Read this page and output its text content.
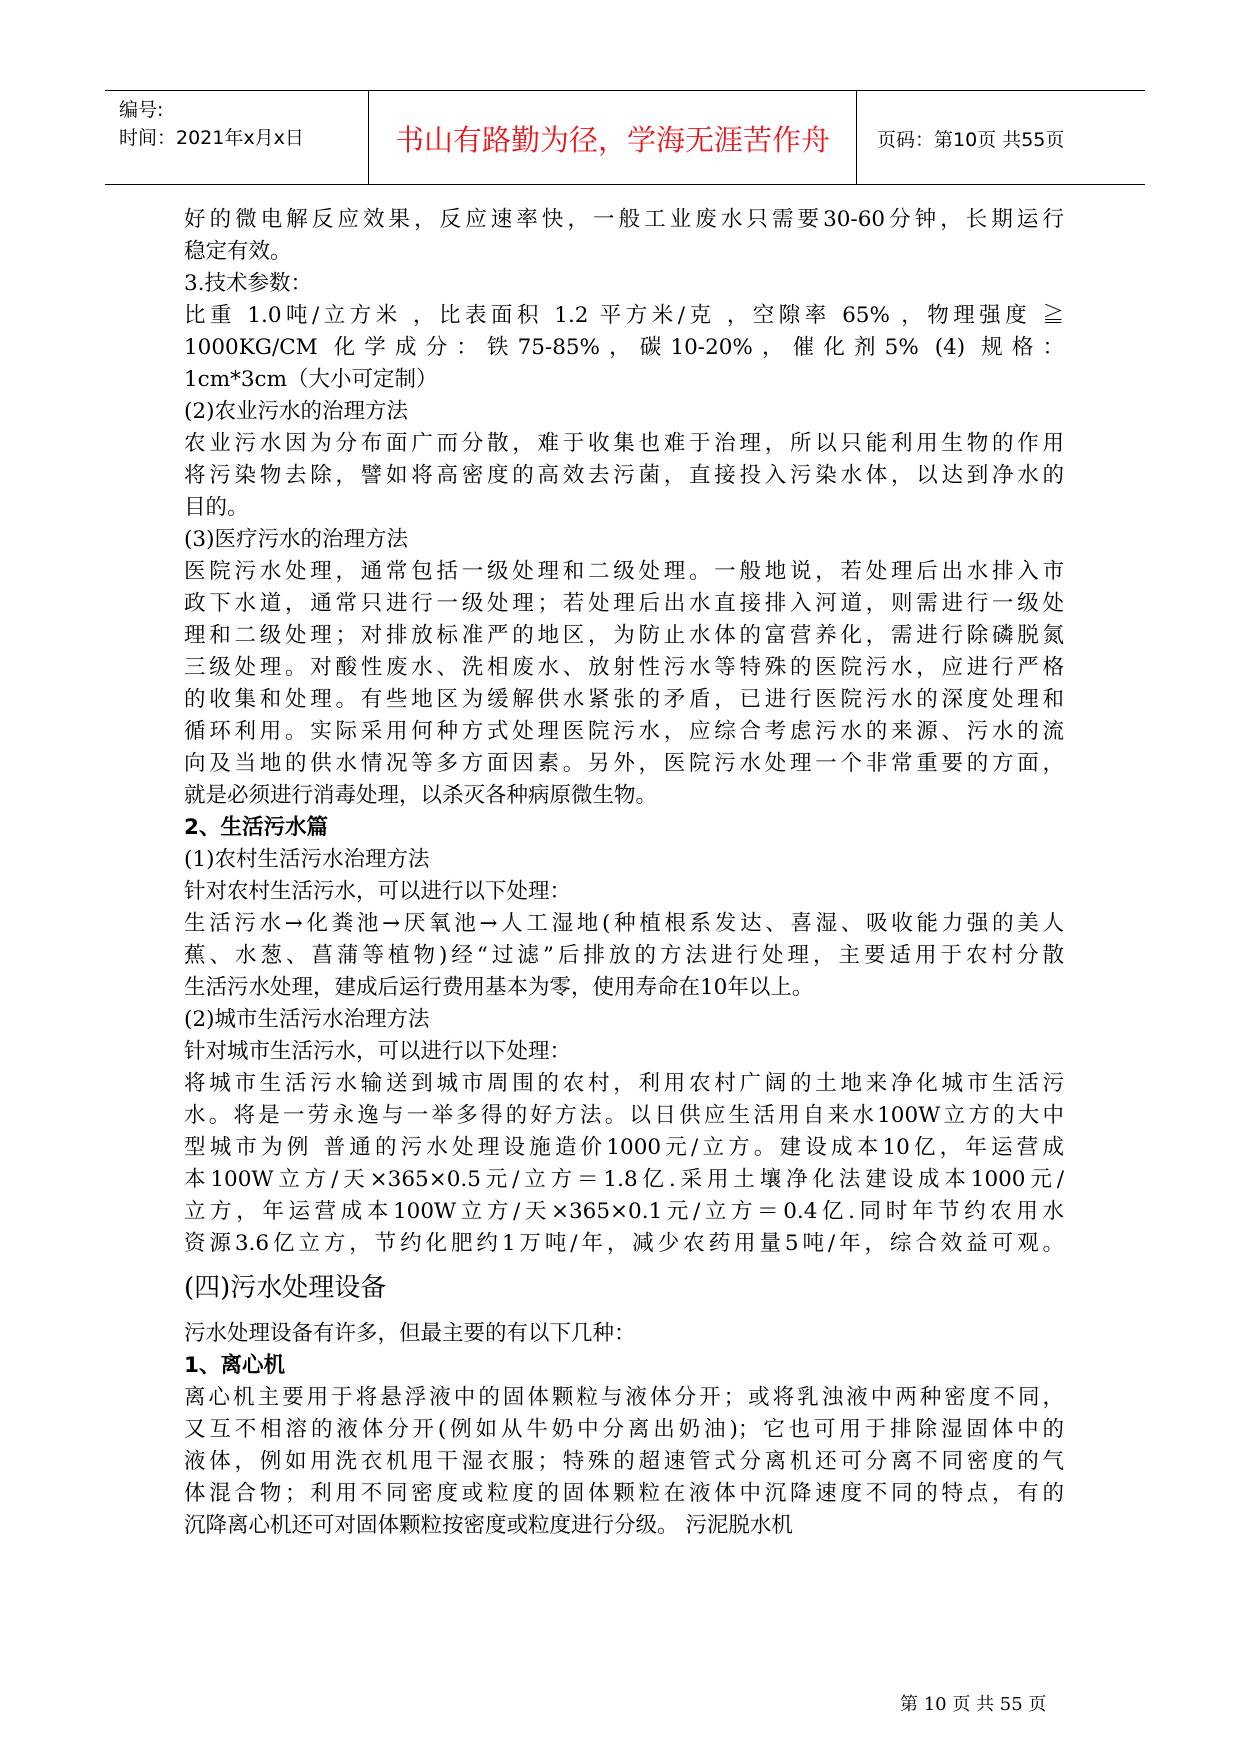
编号:
时间：2021年x月x日	书山有路勤为径，学海无涯苦作舟	页码：第10页 共55页

好的微电解反应效果，反应速率快，一般工业废水只需要30-60分钟，长期运行

稳定有效。

3.技术参数：

比重 1.0吨/立方米 ，比表面积 1.2 平方米/克 ，空隙率 65% ，物理强度 ≧

1000KG/CM 化学成分：铁75-85%，碳10-20%，催化剂5% (4) 规格：

1cm*3cm（大小可定制）

(2)农业污水的治理方法

农业污水因为分布面广而分散，难于收集也难于治理，所以只能利用生物的作用

将污染物去除，譬如将高密度的高效去污菌，直接投入污染水体，以达到净水的

目的。

(3)医疗污水的治理方法

医院污水处理，通常包括一级处理和二级处理。一般地说，若处理后出水排入市

政下水道，通常只进行一级处理；若处理后出水直接排入河道，则需进行一级处

理和二级处理；对排放标准严的地区，为防止水体的富营养化，需进行除磷脱氮

三级处理。对酸性废水、洗相废水、放射性污水等特殊的医院污水，应进行严格

的收集和处理。有些地区为缓解供水紧张的矛盾，已进行医院污水的深度处理和

循环利用。实际采用何种方式处理医院污水，应综合考虑污水的来源、污水的流

向及当地的供水情况等多方面因素。另外，医院污水处理一个非常重要的方面，

就是必须进行消毒处理，以杀灭各种病原微生物。

2、生活污水篇

(1)农村生活污水治理方法

针对农村生活污水，可以进行以下处理：

生活污水→化粪池→厌氧池→人工湿地(种植根系发达、喜湿、吸收能力强的美人

蕉、水葱、菖蒲等植物)经“过滤”后排放的方法进行处理，主要适用于农村分散

生活污水处理，建成后运行费用基本为零，使用寿命在10年以上。

(2)城市生活污水治理方法

针对城市生活污水，可以进行以下处理：

将城市生活污水输送到城市周围的农村，利用农村广阔的土地来净化城市生活污

水。将是一劳永逸与一举多得的好方法。以日供应生活用自来水100W立方的大中

型城市为例 普通的污水处理设施造价1000元/立方。建设成本10亿，年运营成

本100W立方/天×365×0.5元/立方＝1.8亿.采用土壤净化法建设成本1000元/

立方，年运营成本100W立方/天×365×0.1元/立方＝0.4亿.同时年节约农用水

资源3.6亿立方，节约化肥约1万吨/年，减少农药用量5吨/年，综合效益可观。

(四)污水处理设备

污水处理设备有许多，但最主要的有以下几种：

1、离心机

离心机主要用于将悬浮液中的固体颗粒与液体分开；或将乳浊液中两种密度不同，

又互不相溶的液体分开(例如从牛奶中分离出奶油)；它也可用于排除湿固体中的

液体，例如用洗衣机甩干湿衣服；特殊的超速管式分离机还可分离不同密度的气

体混合物；利用不同密度或粒度的固体颗粒在液体中沉降速度不同的特点，有的

沉降离心机还可对固体颗粒按密度或粒度进行分级。 污泥脱水机

第 10 页 共 55 页
